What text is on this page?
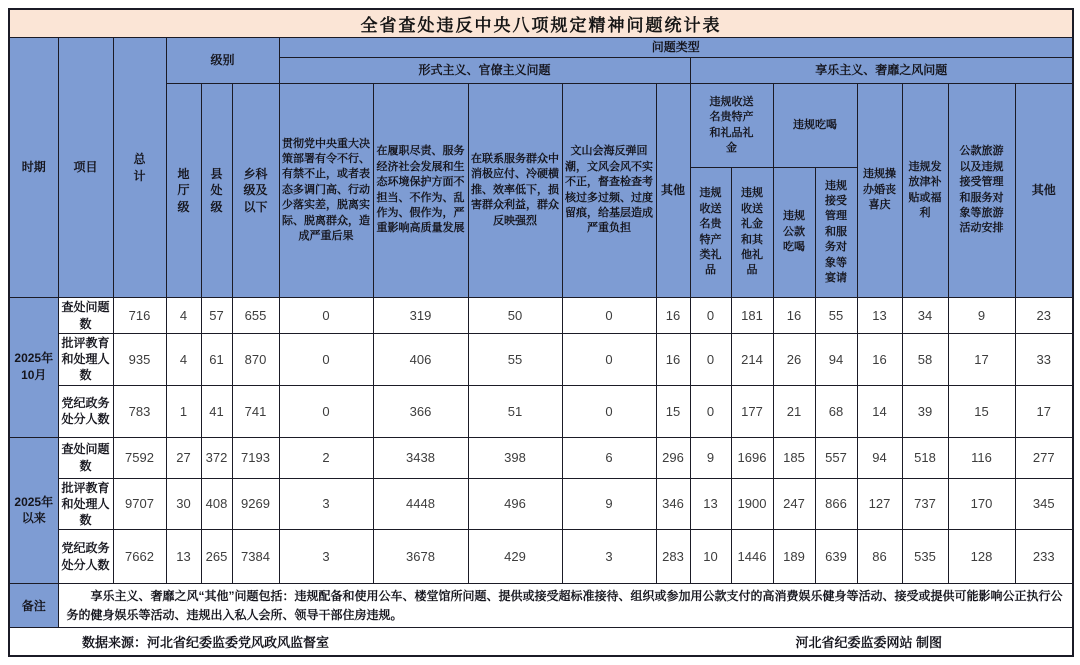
全省查处违反中央八项规定精神问题统计表																		
时期	项目	总计	级别			问题类型												
						形式主义、官僚主义问题					享乐主义、奢靡之风问题							
			地厅级	县处级	乡科级及以下	贯彻党中央重大决策部署有令不行、有禁不止，或者表态多调门高、行动少落实差，脱离实际、脱离群众，造成严重后果	在履职尽责、服务经济社会发展和生态环境保护方面不担当、不作为、乱作为、假作为，严重影响高质量发展	在联系服务群众中消极应付、冷硬横推、效率低下，损害群众利益，群众反映强烈	文山会海反弹回潮，文风会风不实不正，督查检查考核过多过频、过度留痕，给基层造成严重负担	其他	违规收送名贵特产和礼品礼金		违规吃喝		违规操办婚丧喜庆	违规发放津补贴或福利	公款旅游以及违规接受管理和服务对象等旅游活动安排	其他
											违规收送名贵特产类礼品	违规收送礼金和其他礼品	违规公款吃喝	违规接受管理和服务对象等宴请				
2025年10月	查处问题数	716	4	57	655	0	319	50	0	16	0	181	16	55	13	34	9	23
	批评教育和处理人数	935	4	61	870	0	406	55	0	16	0	214	26	94	16	58	17	33
	党纪政务处分人数	783	1	41	741	0	366	51	0	15	0	177	21	68	14	39	15	17
2025年以来	查处问题数	7592	27	372	7193	2	3438	398	6	296	9	1696	185	557	94	518	116	277
	批评教育和处理人数	9707	30	408	9269	3	4448	496	9	346	13	1900	247	866	127	737	170	345
	党纪政务处分人数	7662	13	265	7384	3	3678	429	3	283	10	1446	189	639	86	535	128	233
备注	享乐主义、奢靡之风“其他”问题包括：违规配备和使用公车、楼堂馆所问题、提供或接受超标准接待、组织或参加用公款支付的高消费娱乐健身等活动、接受或提供可能影响公正执行公务的健身娱乐等活动、违规出入私人会所、领导干部住房违规。																	

数据来源：河北省纪委监委党风政风监督室 河北省纪委监委网站 制图																		
